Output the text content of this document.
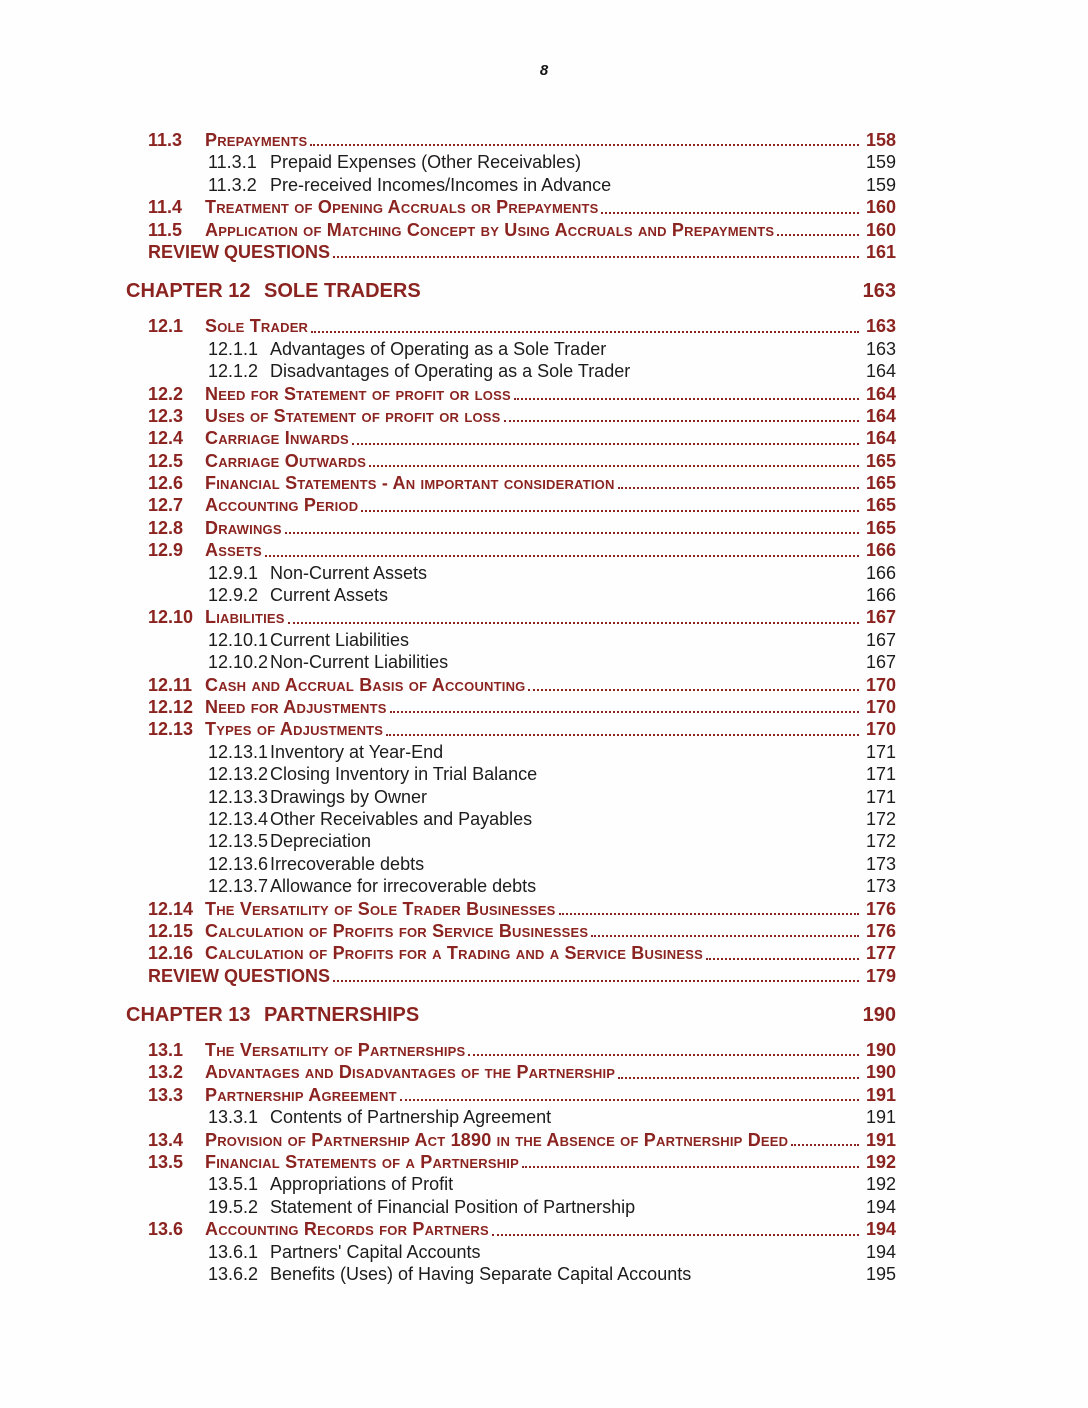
8
11.3	Prepayments	158
11.3.1 Prepaid Expenses (Other Receivables)	159
11.3.2 Pre-received Incomes/Incomes in Advance	159
11.4	Treatment of Opening Accruals or Prepayments	160
11.5	Application of Matching Concept by Using Accruals and Prepayments	160
REVIEW QUESTIONS	161
CHAPTER 12 SOLE TRADERS	163
12.1	Sole Trader	163
12.1.1 Advantages of Operating as a Sole Trader	163
12.1.2 Disadvantages of Operating as a Sole Trader	164
12.2	Need for Statement of profit or loss	164
12.3	Uses of Statement of profit or loss	164
12.4	Carriage Inwards	164
12.5	Carriage Outwards	165
12.6	Financial Statements - An important consideration	165
12.7	Accounting Period	165
12.8	Drawings	165
12.9	Assets	166
12.9.1 Non-Current Assets	166
12.9.2 Current Assets	166
12.10 Liabilities	167
12.10.1 Current Liabilities	167
12.10.2 Non-Current Liabilities	167
12.11 Cash and Accrual Basis of Accounting	170
12.12 Need for Adjustments	170
12.13 Types of Adjustments	170
12.13.1 Inventory at Year-End	171
12.13.2 Closing Inventory in Trial Balance	171
12.13.3 Drawings by Owner	171
12.13.4 Other Receivables and Payables	172
12.13.5 Depreciation	172
12.13.6 Irrecoverable debts	173
12.13.7 Allowance for irrecoverable debts	173
12.14 The Versatility of Sole Trader Businesses	176
12.15 Calculation of Profits for Service Businesses	176
12.16 Calculation of Profits for a Trading and a Service Business	177
REVIEW QUESTIONS	179
CHAPTER 13 PARTNERSHIPS	190
13.1	The Versatility of Partnerships	190
13.2	Advantages and Disadvantages of the Partnership	190
13.3	Partnership Agreement	191
13.3.1 Contents of Partnership Agreement	191
13.4	Provision of Partnership Act 1890 in the Absence of Partnership Deed	191
13.5	Financial Statements of a Partnership	192
13.5.1 Appropriations of Profit	192
19.5.2 Statement of Financial Position of Partnership	194
13.6	Accounting Records for Partners	194
13.6.1 Partners' Capital Accounts	194
13.6.2 Benefits (Uses) of Having Separate Capital Accounts	195
